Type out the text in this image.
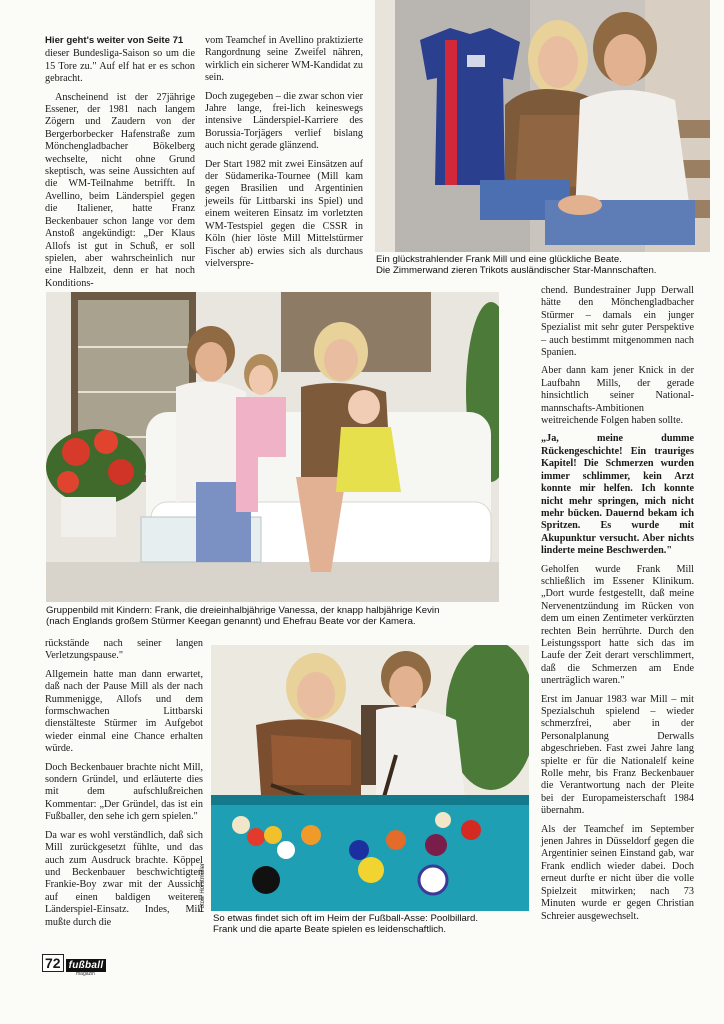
Hier geht's weiter von Seite 71

dieser Bundesliga-Saison so um die 15 Tore zu." Auf elf hat er es schon gebracht.

Anscheinend ist der 27jährige Essener, der 1981 nach langem Zögern und Zaudern von der Bergerborbecker Hafenstraße zum Mönchengladbacher Bökelberg wechselte, nicht ohne Grund skeptisch, was seine Aussichten auf die WM-Teilnahme betrifft. In Avellino, beim Länderspiel gegen die Italiener, hatte Franz Beckenbauer schon lange vor dem Anstoß angekündigt: „Der Klaus Allofs ist gut in Schuß, er soll spielen, aber wahrscheinlich nur eine Halbzeit, denn er hat noch Konditions-

vom Teamchef in Avellino praktizierte Rangordnung seine Zweifel nähren, wirklich ein sicherer WM-Kandidat zu sein.

Doch zugegeben – die zwar schon vier Jahre lange, frei-lich keineswegs intensive Länderspiel-Karriere des Borussia-Torjägers verlief bislang auch nicht gerade glänzend.

Der Start 1982 mit zwei Einsätzen auf der Südamerika-Tournee (Mill kam gegen Brasilien und Argentinien jeweils für Littbarski ins Spiel) und einem weiteren Einsatz im vorletzten WM-Testspiel gegen die CSSR in Köln (hier löste Mill Mittelstürmer Fischer ab) erwies sich als durchaus vielverspre-	Ein glückstrahlender Frank Mill und eine glückliche Beate.
Die Zimmerwand zieren Trikots ausländischer Star-Mannschaften.

chend. Bundestrainer Jupp Derwall hätte den Mönchengladbacher Stürmer – damals ein junger Spezialist mit sehr guter Perspektive – auch bestimmt mitgenommen nach Spanien.

Aber dann kam jener Knick in der Laufbahn Mills, der gerade hinsichtlich seiner National-mannschafts-Ambitionen weitreichende Folgen haben sollte.

„Ja, meine dumme Rückengeschichte! Ein trauriges Kapitel! Die Schmerzen wurden immer schlimmer, kein Arzt konnte mir helfen. Ich konnte nicht mehr springen, mich nicht mehr bücken. Dauernd bekam ich Spritzen. Es wurde mit Akupunktur versucht. Aber nichts linderte meine Beschwerden."

Geholfen wurde Frank Mill schließlich im Essener Klinikum. „Dort wurde festgestellt, daß meine Nervenentzündung im Rücken von dem um einen Zentimeter verkürzten rechten Bein herrührte. Durch den Leistungssport hatte sich das im Laufe der Zeit derart verschlimmert, daß die Schmerzen am Ende unerträglich waren."

Erst im Januar 1983 war Mill – mit Spezialschuh spielend – wieder schmerzfrei, aber in der Personalplanung Derwalls abgeschrieben. Fast zwei Jahre lang spielte er für die Nationalelf keine Rolle mehr, bis Franz Beckenbauer die Verantwortung nach der Pleite bei der Europameisterschaft 1984 übernahm.

Als der Teamchef im September jenen Jahres in Düsseldorf gegen die Argentinier seinen Einstand gab, war Frank endlich wieder dabei. Doch erneut durfte er nicht über die volle Spielzeit mitwirken; nach 73 Minuten wurde er gegen Christian Schreier ausgewechselt.

Gruppenbild mit Kindern: Frank, die dreieinhalbjährige Vanessa, der knapp halbjährige Kevin
(nach Englands großem Stürmer Keegan genannt) und Ehefrau Beate vor der Kamera.

rückstände nach seiner langen Verletzungspause."

Allgemein hatte man dann erwartet, daß nach der Pause Mill als der nach Rummenigge, Allofs und dem formschwachen Littbarski dienstälteste Stürmer im Aufgebot wieder einmal eine Chance erhalten würde.

Doch Beckenbauer brachte nicht Mill, sondern Gründel, und erläuterte dies mit dem aufschlußreichen Kommentar: „Der Gründel, das ist ein Fußballer, den sehe ich gern spielen."

Da war es wohl verständlich, daß sich Mill zurückgesetzt fühlte, und das auch zum Ausdruck brachte. Köppel und Beckenbauer beschwichtigten Frankie-Boy zwar mit der Aussicht auf einen baldigen weiteren Länderspiel-Einsatz. Indes, Mill mußte durch die

Fotos: Horstmüller
So etwas findet sich oft im Heim der Fußball-Asse: Poolbillard.
Frank und die aparte Beate spielen es leidenschaftlich.
72 fußball
magazin
